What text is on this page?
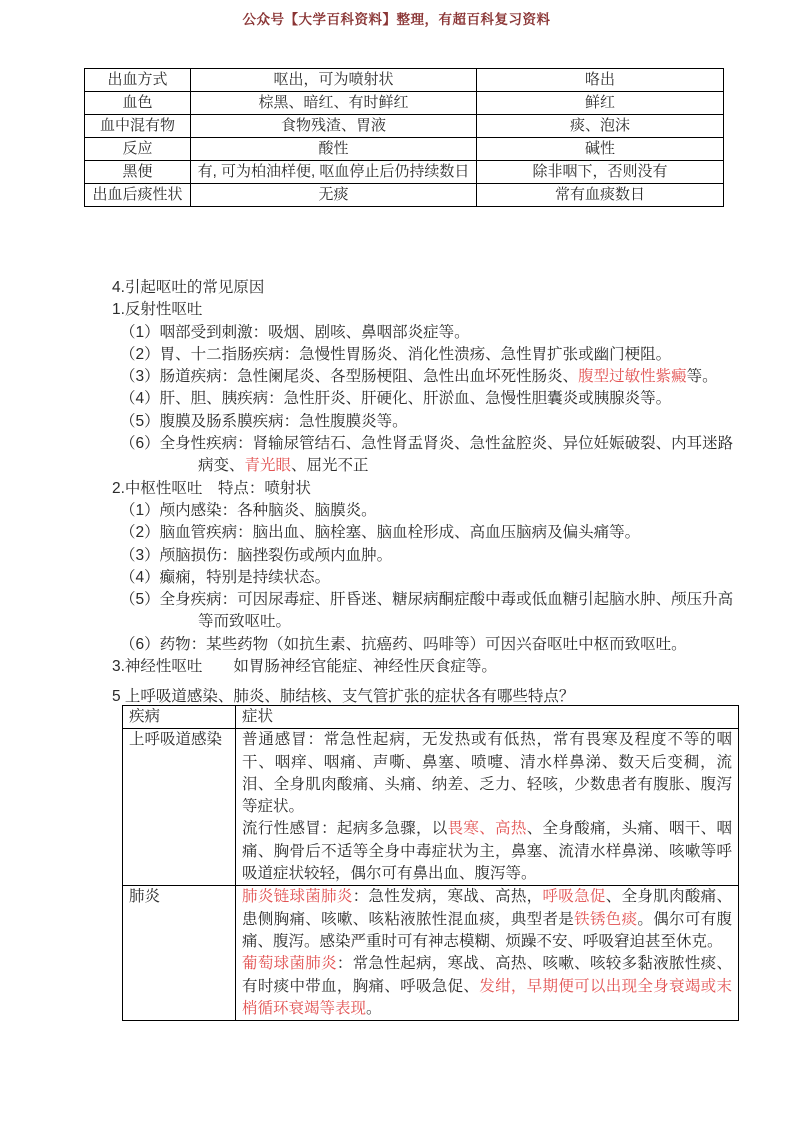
公众号【大学百科资料】整理，有超百科复习资料
出血方式	呕出，可为喷射状	咯出
血色	棕黑、暗红、有时鲜红	鲜红
血中混有物	食物残渣、胃液	痰、泡沫
反应	酸性	碱性
黑便	有, 可为柏油样便, 呕血停止后仍持续数日	除非咽下，否则没有
出血后痰性状	无痰	常有血痰数日
4.引起呕吐的常见原因
1.反射性呕吐
（1）咽部受到刺激：吸烟、剧咳、鼻咽部炎症等。
（2）胃、十二指肠疾病：急慢性胃肠炎、消化性溃疡、急性胃扩张或幽门梗阻。
（3）肠道疾病：急性阑尾炎、各型肠梗阻、急性出血坏死性肠炎、腹型过敏性紫癜等。
（4）肝、胆、胰疾病：急性肝炎、肝硬化、肝淤血、急慢性胆囊炎或胰腺炎等。
（5）腹膜及肠系膜疾病：急性腹膜炎等。
（6）全身性疾病：肾输尿管结石、急性肾盂肾炎、急性盆腔炎、异位妊娠破裂、内耳迷路
病变、青光眼、屈光不正
2.中枢性呕吐　特点：喷射状
（1）颅内感染：各种脑炎、脑膜炎。
（2）脑血管疾病：脑出血、脑栓塞、脑血栓形成、高血压脑病及偏头痛等。
（3）颅脑损伤：脑挫裂伤或颅内血肿。
（4）癫痫，特别是持续状态。
（5）全身疾病：可因尿毒症、肝昏迷、糖尿病酮症酸中毒或低血糖引起脑水肿、颅压升高
等而致呕吐。
（6）药物：某些药物（如抗生素、抗癌药、吗啡等）可因兴奋呕吐中枢而致呕吐。
3.神经性呕吐　　如胃肠神经官能症、神经性厌食症等。
5 上呼吸道感染、肺炎、肺结核、支气管扩张的症状各有哪些特点？
疾病	症状
上呼吸道感染	普通感冒：常急性起病，无发热或有低热，常有畏寒及程度不等的咽干、咽痒、咽痛、声嘶、鼻塞、喷嚏、清水样鼻涕、数天后变稠，流泪、全身肌肉酸痛、头痛、纳差、乏力、轻咳，少数患者有腹胀、腹泻等症状。
流行性感冒：起病多急骤，以畏寒、高热、全身酸痛，头痛、咽干、咽痛、胸骨后不适等全身中毒症状为主，鼻塞、流清水样鼻涕、咳嗽等呼吸道症状较轻，偶尔可有鼻出血、腹泻等。

肺炎	肺炎链球菌肺炎：急性发病，寒战、高热，呼吸急促、全身肌肉酸痛、患侧胸痛、咳嗽、咳粘液脓性混血痰，典型者是铁锈色痰。偶尔可有腹痛、腹泻。感染严重时可有神志模糊、烦躁不安、呼吸窘迫甚至休克。
葡萄球菌肺炎：常急性起病，寒战、高热、咳嗽、咳较多黏液脓性痰、有时痰中带血，胸痛、呼吸急促、发绀，早期便可以出现全身衰竭或末梢循环衰竭等表现。
